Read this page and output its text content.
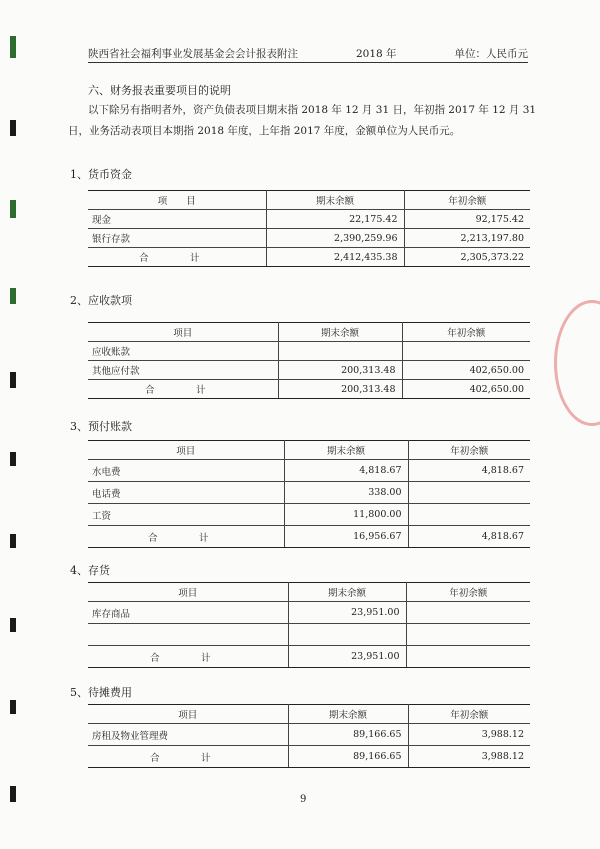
陕西省社会福利事业发展基金会会计报表附注	2018 年	单位：人民币元
六、财务报表重要项目的说明

以下除另有指明者外，资产负债表项目期末指 2018 年 12 月 31 日，年初指 2017 年 12 月 31 日，业务活动表项目本期指 2018 年度，上年指 2017 年度，金额单位为人民币元。

1、货币资金
项　　目	期末余额	年初余额
现金	22,175.42	92,175.42
银行存款	2,390,259.96	2,213,197.80
合　计	2,412,435.38	2,305,373.22
2、应收款项
项目	期末余额	年初余额
应收账款		
其他应付款	200,313.48	402,650.00
合　计	200,313.48	402,650.00
3、预付账款
项目	期末余额	年初余额
水电费	4,818.67	4,818.67
电话费	338.00	
工资	11,800.00	
合　计	16,956.67	4,818.67
4、存货
项目	期末余额	年初余额
库存商品	23,951.00	

合　计	23,951.00	
5、待摊费用
项目	期末余额	年初余额
房租及物业管理费	89,166.65	3,988.12
合　计	89,166.65	3,988.12
9
